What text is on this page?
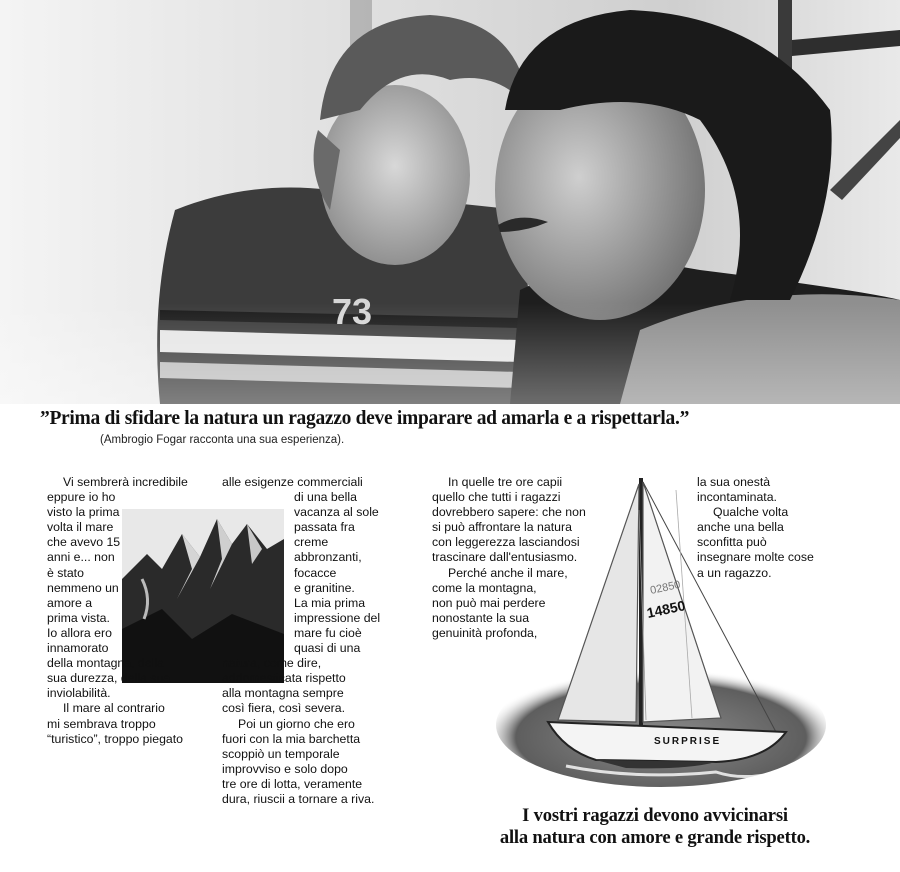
”Prima di sfidare la natura un ragazzo deve imparare ad amarla e a rispettarla.”

(Ambrogio Fogar racconta una sua esperienza).

02850
14850
SURPRISE

Vi sembrerà incredibile

eppure io ho

visto la prima

volta il mare

che avevo 15

anni e... non

è stato

nemmeno un

amore a

prima vista.

Io allora ero

innamorato

della montagna, della

sua durezza, della sua

inviolabilità.

Il mare al contrario

mi sembrava troppo

“turistico”, troppo piegato

alle esigenze commerciali

di una bella

vacanza al sole

passata fra

creme

abbronzanti,

focacce

e granitine.

La mia prima

impressione del

mare fu cioè

quasi di una

natura, come dire,

addomesticata rispetto

alla montagna sempre

così fiera, così severa.

Poi un giorno che ero

fuori con la mia barchetta

scoppiò un temporale

improvviso e solo dopo

tre ore di lotta, veramente

dura, riuscii a tornare a riva.

In quelle tre ore capii

quello che tutti i ragazzi

dovrebbero sapere: che non

si può affrontare la natura

con leggerezza lasciandosi

trascinare dall'entusiasmo.

Perché anche il mare,

come la montagna,

non può mai perdere

nonostante la sua

genuinità profonda,

la sua onestà

incontaminata.

Qualche volta

anche una bella

sconfitta può

insegnare molte cose

a un ragazzo.

I vostri ragazzi devono avvicinarsi
alla natura con amore e grande rispetto.
